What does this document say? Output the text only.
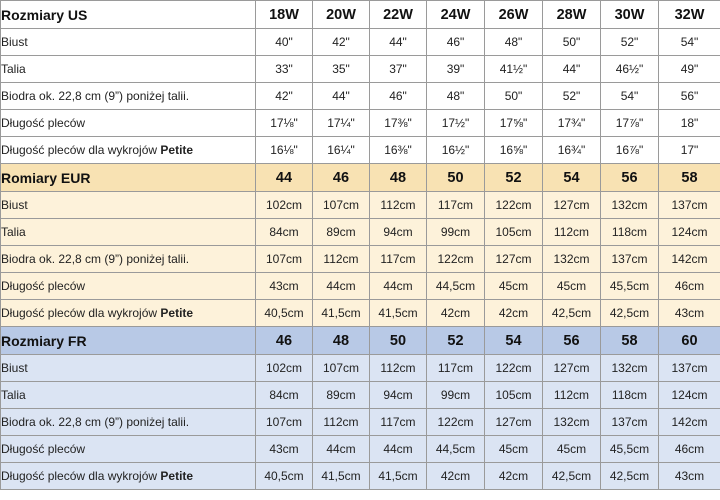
Rozmiary US	18W	20W	22W	24W	26W	28W	30W	32W
Biust	40"	42"	44"	46"	48"	50"	52"	54"
Talia	33"	35"	37"	39"	41½"	44"	46½"	49"
Biodra ok. 22,8 cm (9”) poniżej talii.	42"	44"	46"	48"	50"	52"	54"	56"
Długość pleców	17⅛"	17¼"	17⅜"	17½"	17⅝"	17¾"	17⅞"	18"
Długość pleców dla wykrojów Petite	16⅛"	16¼"	16⅜"	16½"	16⅝"	16¾"	16⅞"	17"
Romiary EUR	44	46	48	50	52	54	56	58
Biust	102cm	107cm	112cm	117cm	122cm	127cm	132cm	137cm
Talia	84cm	89cm	94cm	99cm	105cm	112cm	118cm	124cm
Biodra ok. 22,8 cm (9”) poniżej talii.	107cm	112cm	117cm	122cm	127cm	132cm	137cm	142cm
Długość pleców	43cm	44cm	44cm	44,5cm	45cm	45cm	45,5cm	46cm
Długość pleców dla wykrojów Petite	40,5cm	41,5cm	41,5cm	42cm	42cm	42,5cm	42,5cm	43cm
Rozmiary FR	46	48	50	52	54	56	58	60
Biust	102cm	107cm	112cm	117cm	122cm	127cm	132cm	137cm
Talia	84cm	89cm	94cm	99cm	105cm	112cm	118cm	124cm
Biodra ok. 22,8 cm (9”) poniżej talii.	107cm	112cm	117cm	122cm	127cm	132cm	137cm	142cm
Długość pleców	43cm	44cm	44cm	44,5cm	45cm	45cm	45,5cm	46cm
Długość pleców dla wykrojów Petite	40,5cm	41,5cm	41,5cm	42cm	42cm	42,5cm	42,5cm	43cm
